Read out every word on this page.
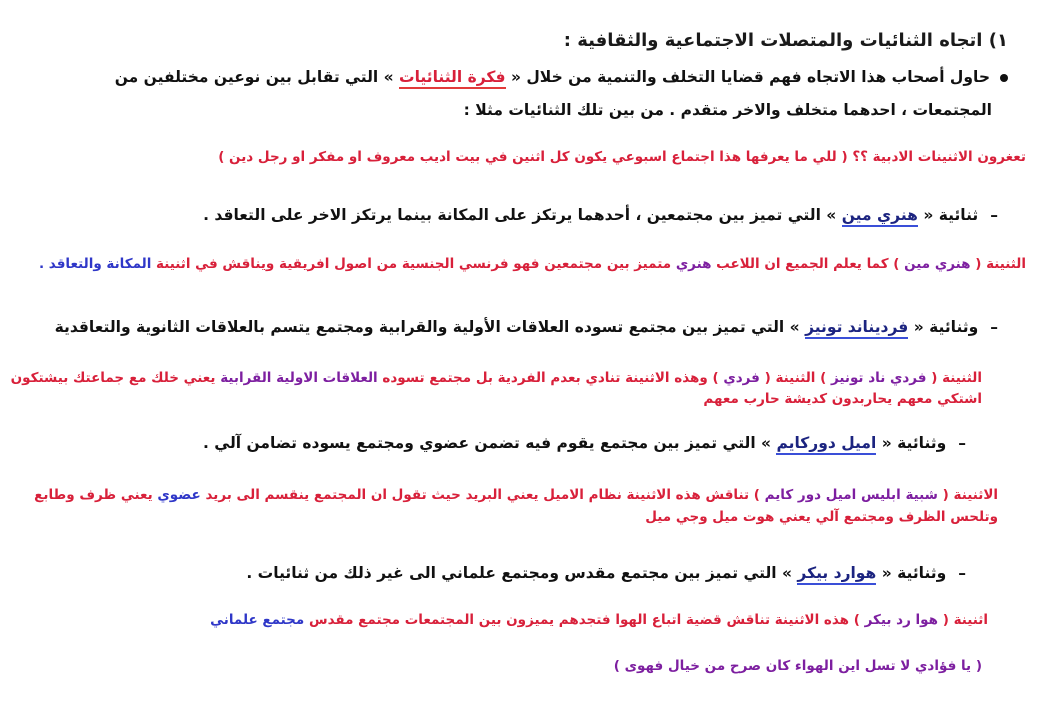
١) اتجاه الثنائيات والمتصلات الاجتماعية والثقافية :
حاول أصحاب هذا الاتجاه فهم قضايا التخلف والتنمية من خلال « فكرة الثنائيات » التي تقابل بين نوعين مختلفين من
المجتمعات ، احدهما متخلف والاخر متقدم . من بين تلك الثنائيات مثلا :
تعغرون الاثنينات الادبية ؟؟ ( للي ما يعرفها هذا اجتماع اسبوعي يكون كل اثنين في بيت اديب معروف او مفكر او رجل دين )
–ثنائية « هنري مين » التي تميز بين مجتمعين ، أحدهما يرتكز على المكانة بينما يرتكز الاخر على التعاقد .
الثنينة ( هنري مين ) كما يعلم الجميع ان اللاعب هنري متميز بين مجتمعين فهو فرنسي الجنسية من اصول افريقية ويناقش في اثنينة المكانة والتعاقد .
–وثنائية « فرديناند تونيز » التي تميز بين مجتمع تسوده العلاقات الأولية والقرابية ومجتمع يتسم بالعلاقات الثانوية والتعاقدية
الثنينة ( فردي ناد تونيز ) الثنينة ( فردي ) وهذه الاثنينة تنادي بعدم الفردية بل مجتمع تسوده العلاقات الاولية القرابية يعني خلك مع جماعتك بيشتكون
اشتكي معهم يحاربدون كديشة حارب معهم
–وثنائية « اميل دوركايم » التي تميز بين مجتمع يقوم فيه تضمن عضوي ومجتمع يسوده تضامن آلي .
الاثنينة ( شبية ابليس اميل دور كايم ) تناقش هذه الاثنينة نظام الاميل يعني البريد حيث تقول ان المجتمع ينقسم الى بريد عضوي يعني ظرف وطابع
وتلحس الظرف ومجتمع آلي يعني هوت ميل وجي ميل
–وثنائية « هوارد بيكر » التي تميز بين مجتمع مقدس ومجتمع علماني الى غير ذلك من ثنائيات .
اثنينة ( هوا رد بيكر ) هذه الاثنينة تناقش قضية اتباع الهوا فتجدهم يميزون بين المجتمعات مجتمع مقدس مجتمع علماني
( يا فؤادي لا تسل اين الهواء كان صرح من خيال فهوى )
